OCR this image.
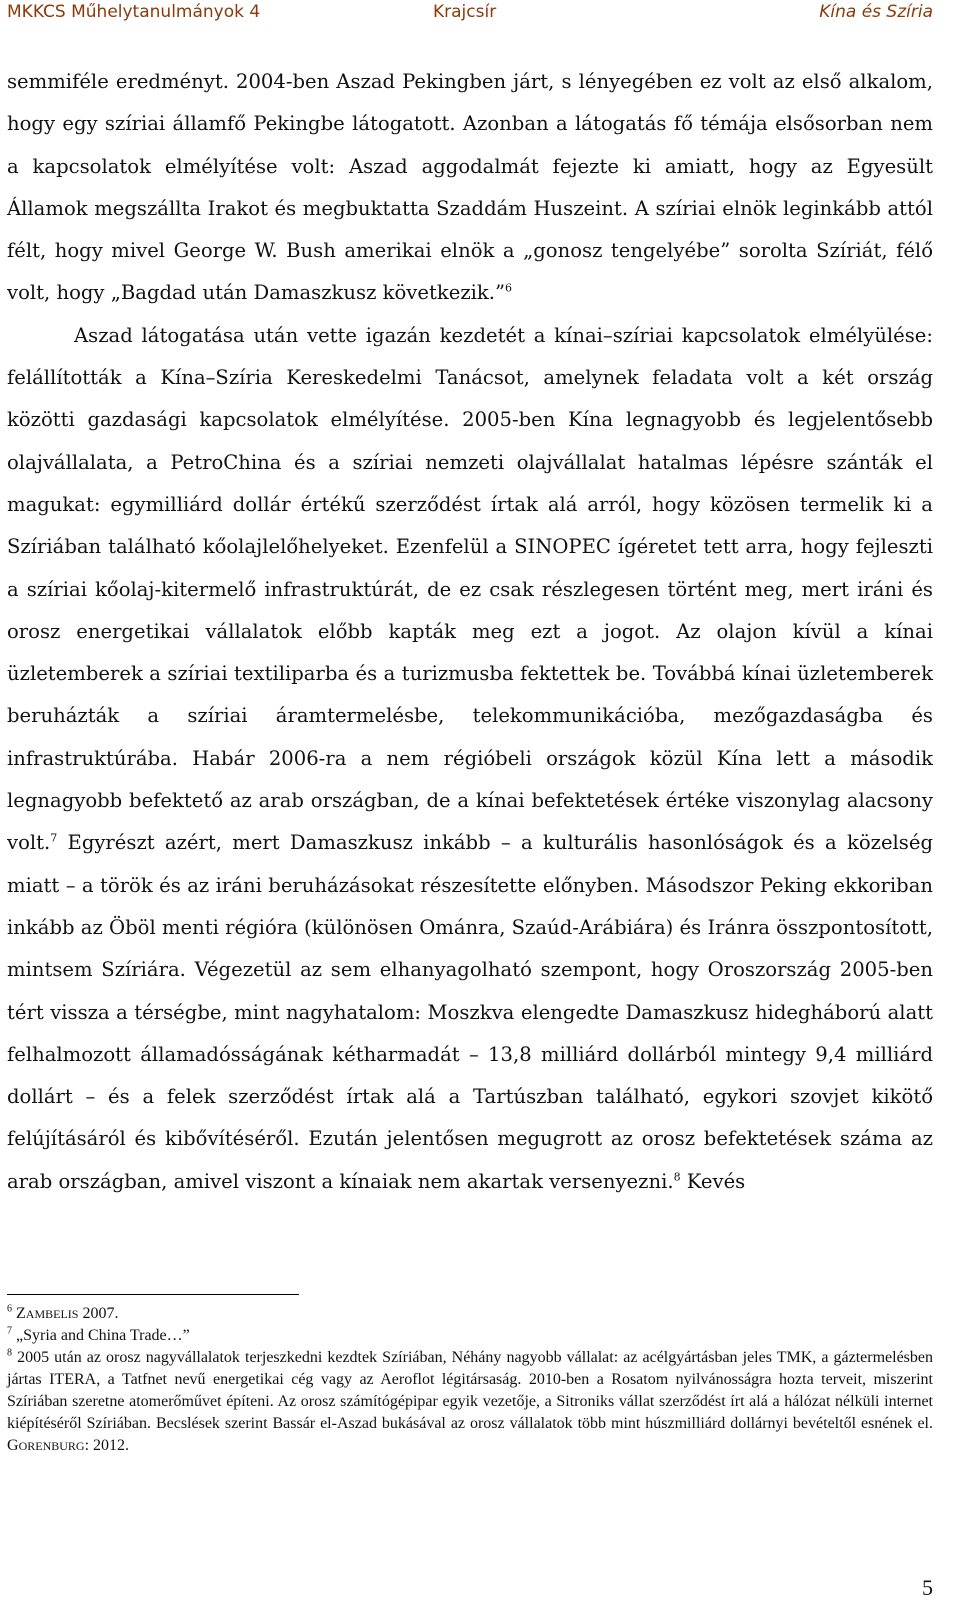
MKKCS Műhelytanulmányok 4	Krajcsír	Kína és Szíria

semmiféle eredményt. 2004-ben Aszad Pekingben járt, s lényegében ez volt az első alkalom, hogy egy szíriai államfő Pekingbe látogatott. Azonban a látogatás fő témája elsősorban nem a kapcsolatok elmélyítése volt: Aszad aggodalmát fejezte ki amiatt, hogy az Egyesült Államok megszállta Irakot és megbuktatta Szaddám Huszeint. A szíriai elnök leginkább attól félt, hogy mivel George W. Bush amerikai elnök a „gonosz tengelyébe” sorolta Szíriát, félő volt, hogy „Bagdad után Damaszkusz következik.”$^6$

Aszad látogatása után vette igazán kezdetét a kínai–szíriai kapcsolatok elmélyülése: felállították a Kína–Szíria Kereskedelmi Tanácsot, amelynek feladata volt a két ország közötti gazdasági kapcsolatok elmélyítése. 2005-ben Kína legnagyobb és legjelentősebb olajvállalata, a PetroChina és a szíriai nemzeti olajvállalat hatalmas lépésre szánták el magukat: egymilliárd dollár értékű szerződést írtak alá arról, hogy közösen termelik ki a Szíriában található kőolajlelőhelyeket. Ezenfelül a SINOPEC ígéretet tett arra, hogy fejleszti a szíriai kőolaj-kitermelő infrastruktúrát, de ez csak részlegesen történt meg, mert iráni és orosz energetikai vállalatok előbb kapták meg ezt a jogot. Az olajon kívül a kínai üzletemberek a szíriai textiliparba és a turizmusba fektettek be. Továbbá kínai üzletemberek beruházták a szíriai áramtermelésbe, telekommunikációba, mezőgazdaságba és infrastruktúrába. Habár 2006-ra a nem régióbeli országok közül Kína lett a második legnagyobb befektető az arab országban, de a kínai befektetések értéke viszonylag alacsony volt.$^7$ Egyrészt azért, mert Damaszkusz inkább – a kulturális hasonlóságok és a közelség miatt – a török és az iráni beruházásokat részesítette előnyben. Másodszor Peking ekkoriban inkább az Öböl menti régióra (különösen Ománra, Szaúd-Arábiára) és Iránra összpontosított, mintsem Szíriára. Végezetül az sem elhanyagolható szempont, hogy Oroszország 2005-ben tért vissza a térségbe, mint nagyhatalom: Moszkva elengedte Damaszkusz hidegháború alatt felhalmozott államadósságának kétharmadát – 13,8 milliárd dollárból mintegy 9,4 milliárd dollárt – és a felek szerződést írtak alá a Tartúszban található, egykori szovjet kikötő felújításáról és kibővítéséről. Ezután jelentősen megugrott az orosz befektetések száma az arab országban, amivel viszont a kínaiak nem akartak versenyezni.$^8$ Kevés

$^6$ ZAMBELIS 2007.
$^7$ „Syria and China Trade…”
$^8$ 2005 után az orosz nagyvállalatok terjeszkedni kezdtek Szíriában, Néhány nagyobb vállalat: az acélgyártásban jeles TMK, a gáztermelésben jártas ITERA, a Tatfnet nevű energetikai cég vagy az Aeroflot légitársaság. 2010-ben a Rosatom nyilvánosságra hozta terveit, miszerint Szíriában szeretne atomerőművet építeni. Az orosz számítógépipar egyik vezetője, a Sitroniks vállat szerződést írt alá a hálózat nélküli internet kiépítéséről Szíriában. Becslések szerint Bassár el-Aszad bukásával az orosz vállalatok több mint húszmilliárd dollárnyi bevételtől esnének el. GORENBURG: 2012.
5
